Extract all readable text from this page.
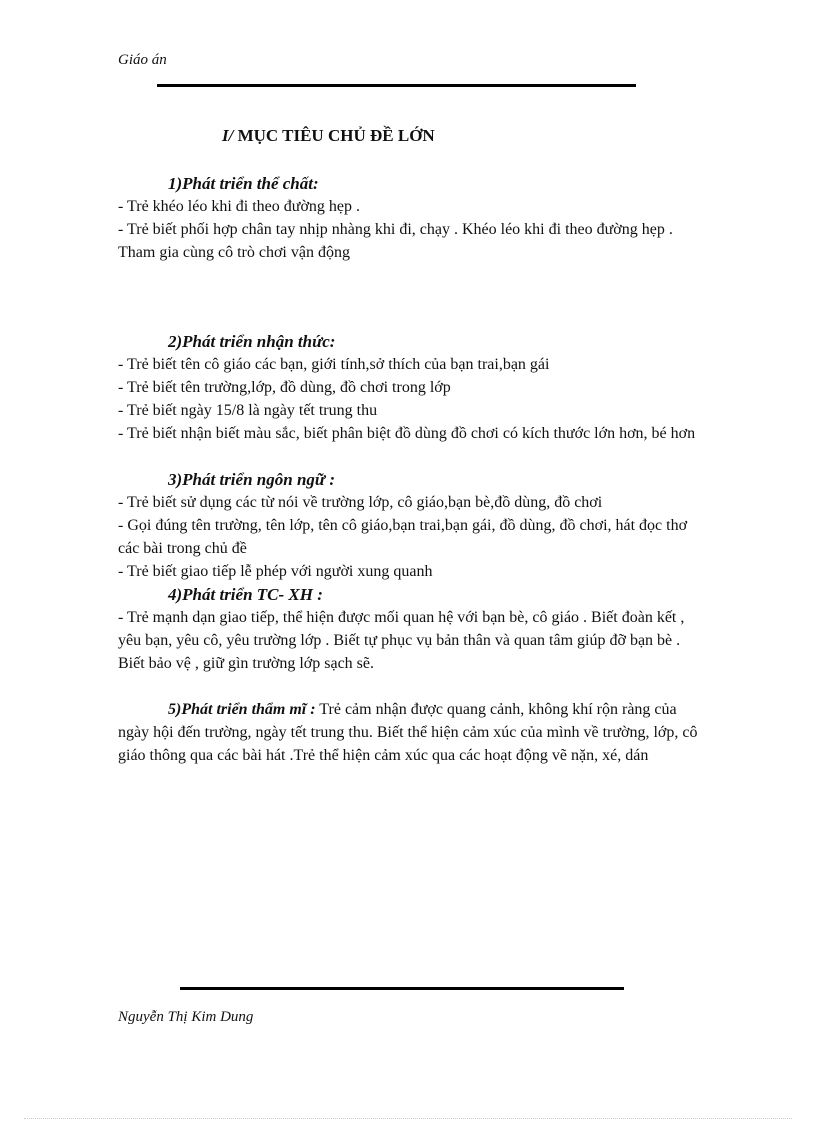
Giáo án
I/ MỤC TIÊU CHỦ ĐỀ LỚN
1)Phát triển thể chất:
- Trẻ khéo léo khi đi theo đường hẹp .
- Trẻ biết phối hợp chân tay nhịp nhàng khi đi, chạy . Khéo léo khi đi theo đường hẹp . Tham gia cùng cô trò chơi vận động
2)Phát triển nhận thức:
- Trẻ biết tên cô giáo các bạn, giới tính,sở thích của bạn trai,bạn gái
- Trẻ biết tên trường,lớp, đồ dùng, đồ chơi trong lớp
- Trẻ biết ngày 15/8 là ngày tết trung thu
- Trẻ biết nhận biết màu sắc, biết phân biệt đồ dùng đồ chơi có kích thước lớn hơn, bé hơn
3)Phát triển ngôn ngữ :
- Trẻ biết sử dụng các từ nói về trường lớp, cô giáo,bạn bè,đồ dùng, đồ chơi
- Gọi đúng tên trường, tên lớp, tên cô giáo,bạn trai,bạn gái, đồ dùng, đồ chơi, hát đọc thơ các bài trong chủ đề
- Trẻ biết giao tiếp lễ phép với người xung quanh
4)Phát triển TC- XH :
- Trẻ mạnh dạn giao tiếp, thể hiện được mối quan hệ với bạn bè, cô giáo . Biết đoàn kết , yêu bạn, yêu cô, yêu trường lớp . Biết tự phục vụ bản thân và quan tâm giúp đỡ bạn bè . Biết bảo vệ , giữ gìn trường lớp sạch sẽ.
5)Phát triển thẩm mĩ : Trẻ cảm nhận được quang cảnh, không khí rộn ràng của ngày hội đến trường, ngày tết trung thu. Biết thể hiện cảm xúc của mình về trường, lớp, cô giáo thông qua các bài hát .Trẻ thể hiện cảm xúc qua các hoạt động vẽ nặn, xé, dán
Nguyễn Thị Kim Dung
